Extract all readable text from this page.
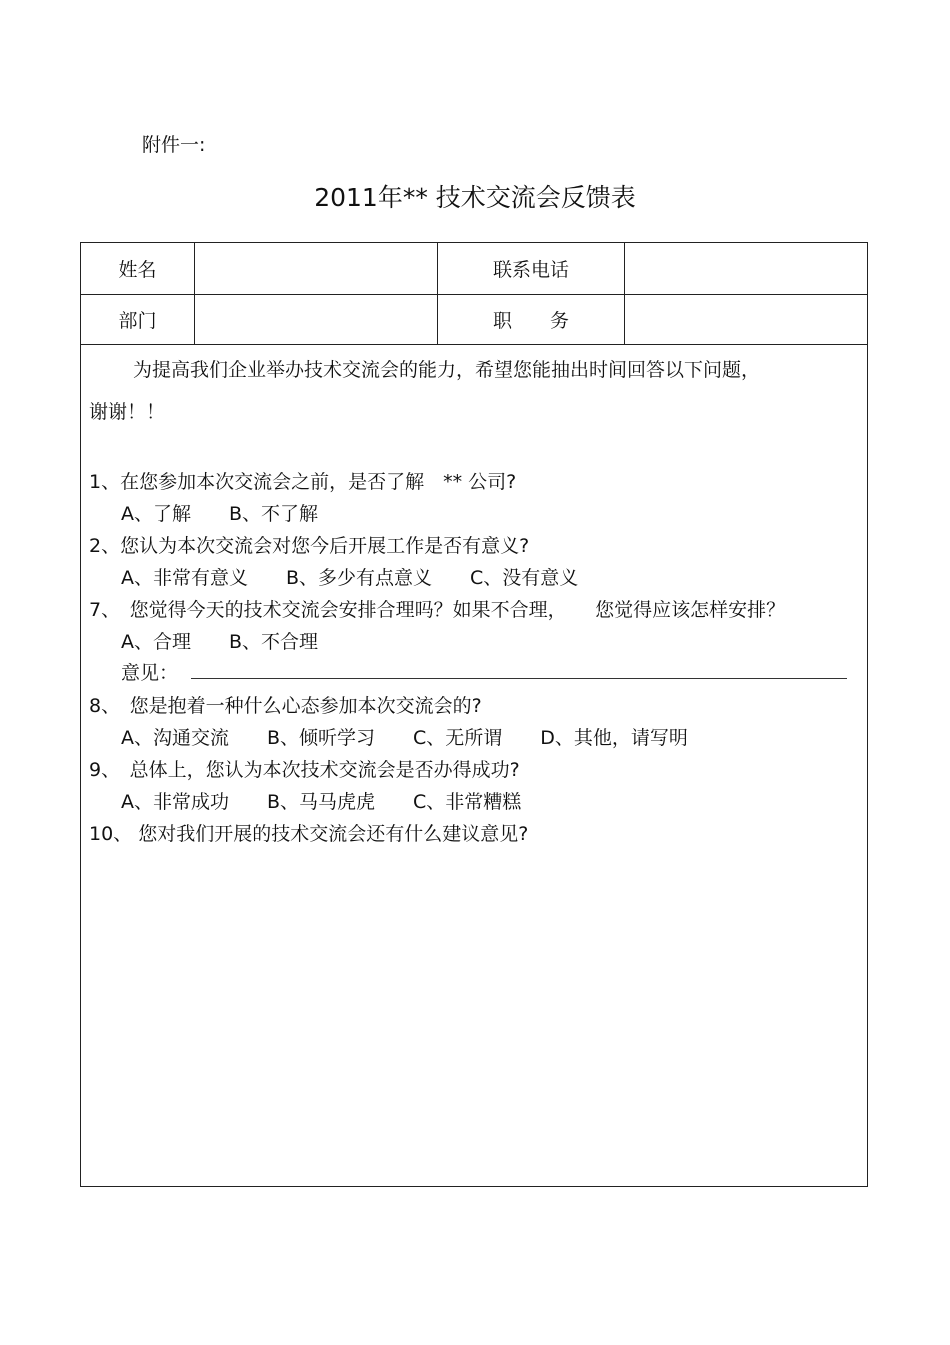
附件一:
2011年** 技术交流会反馈表
姓名	联系电话
部门	职　　务
为提高我们企业举办技术交流会的能力，希望您能抽出时间回答以下问题，
谢谢！！
1、在您参加本次交流会之前，是否了解　** 公司?
A、了解　　B、不了解
2、您认为本次交流会对您今后开展工作是否有意义?
A、非常有意义　　B、多少有点意义　　C、没有意义
7、　您觉得今天的技术交流会安排合理吗？如果不合理，　　您觉得应该怎样安排？
A、合理　　B、不合理
意见：
8、　您是抱着一种什么心态参加本次交流会的?
A、沟通交流　　B、倾听学习　　C、无所谓　　D、其他，请写明
9、　总体上，您认为本次技术交流会是否办得成功?
A、非常成功　　B、马马虎虎　　C、非常糟糕
10、 您对我们开展的技术交流会还有什么建议意见?
